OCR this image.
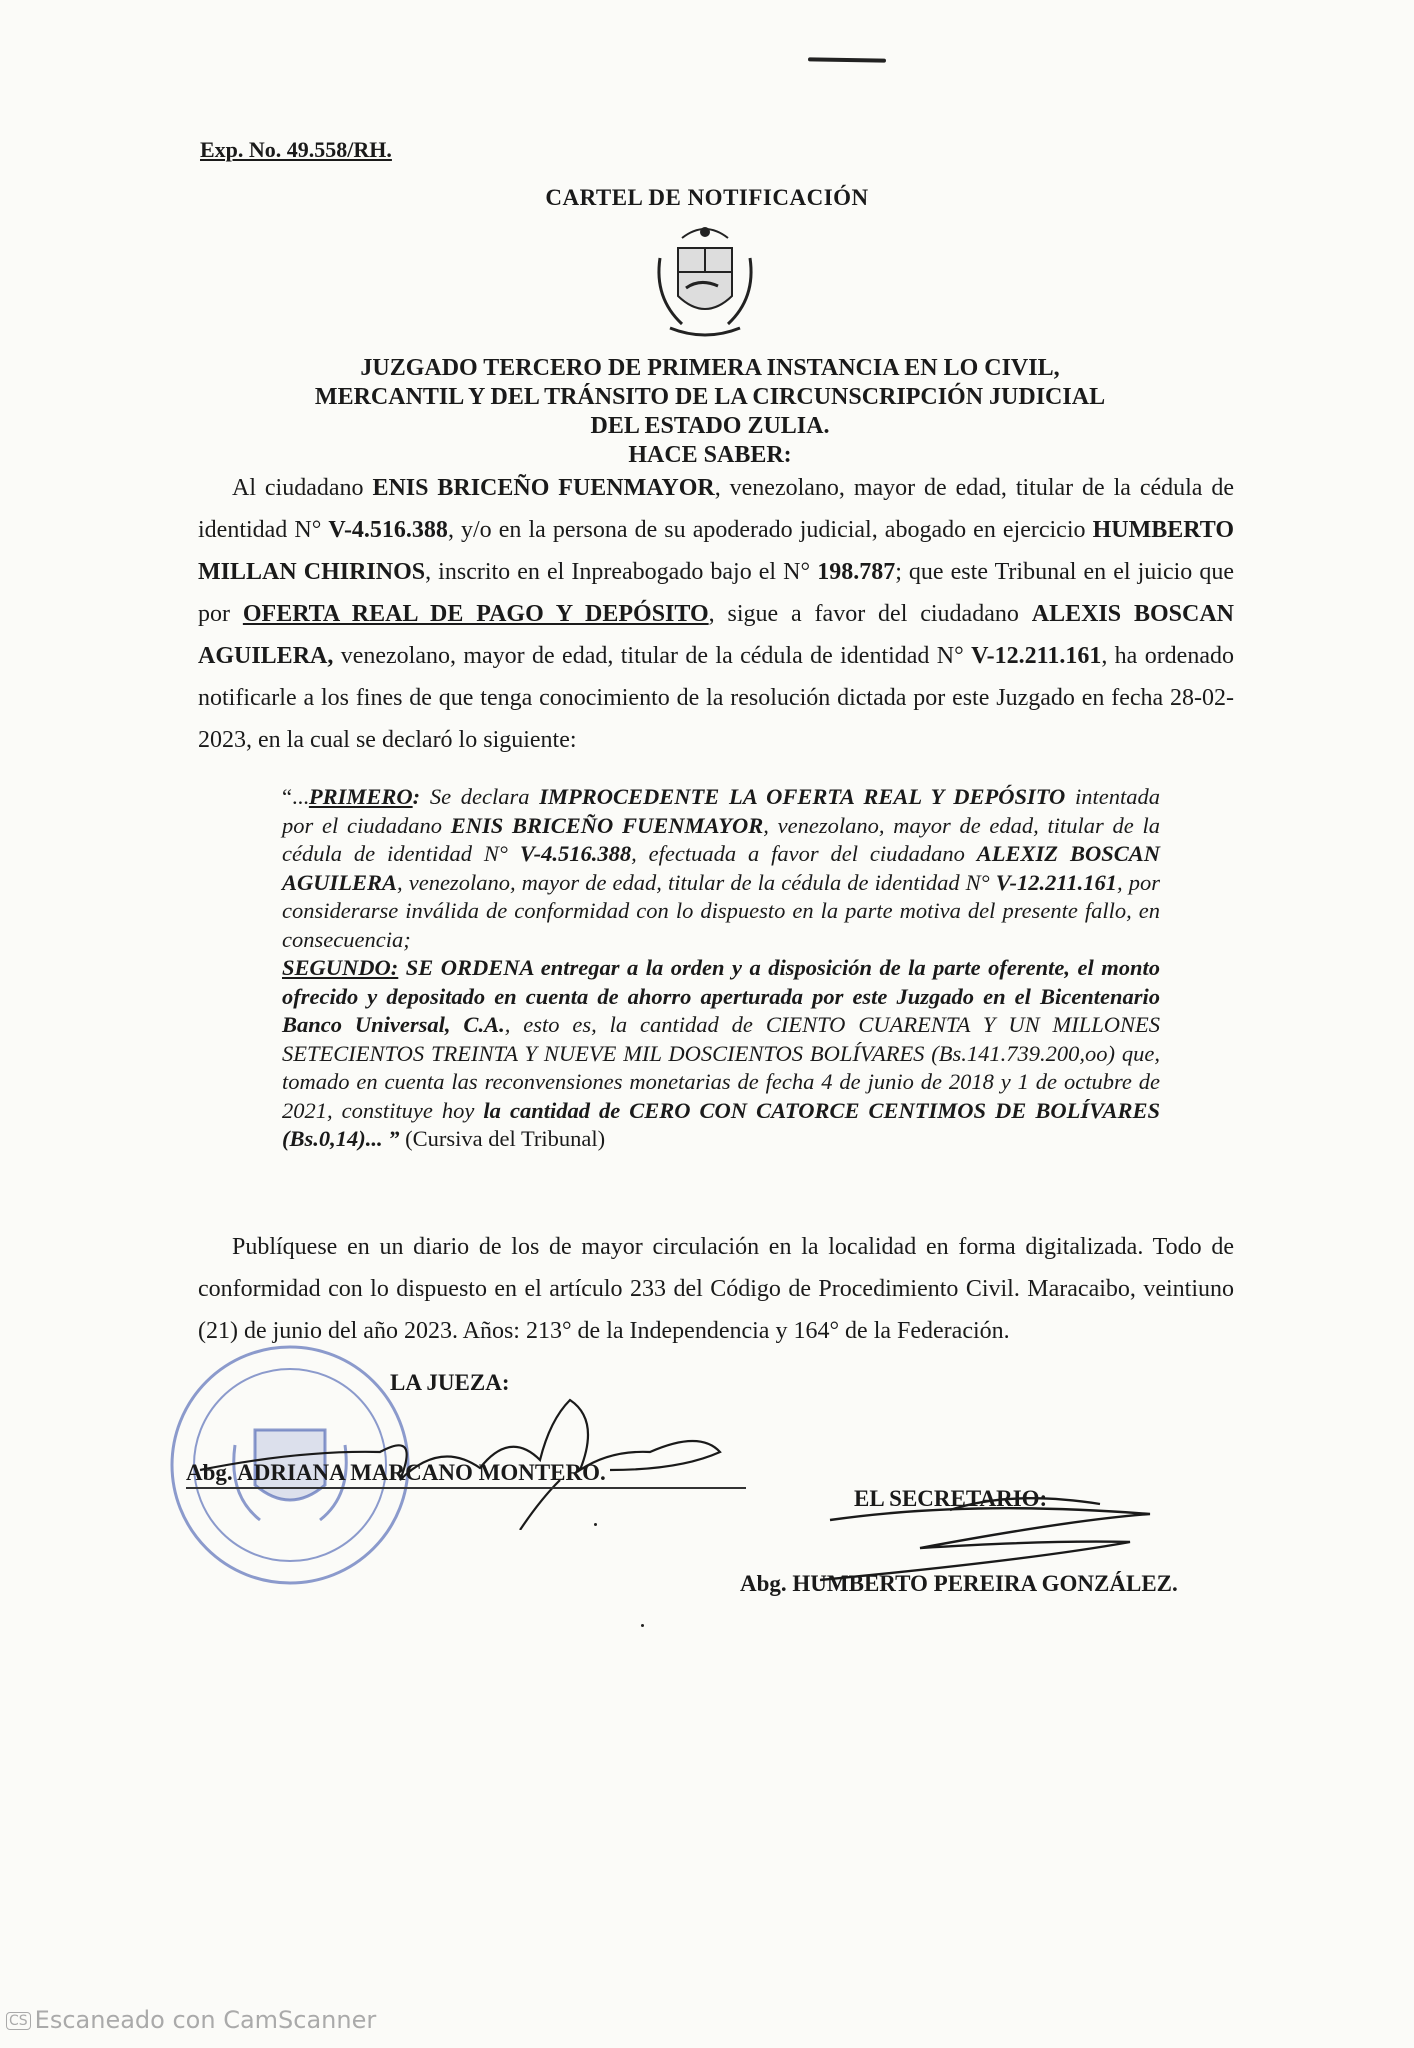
Exp. No. 49.558/RH.
CARTEL DE NOTIFICACIÓN
JUZGADO TERCERO DE PRIMERA INSTANCIA EN LO CIVIL,
MERCANTIL Y DEL TRÁNSITO DE LA CIRCUNSCRIPCIÓN JUDICIAL
DEL ESTADO ZULIA.
HACE SABER:

Al ciudadano ENIS BRICEÑO FUENMAYOR, venezolano, mayor de edad, titular de la cédula de identidad N° V-4.516.388, y/o en la persona de su apoderado judicial, abogado en ejercicio HUMBERTO MILLAN CHIRINOS, inscrito en el Inpreabogado bajo el N° 198.787; que este Tribunal en el juicio que por OFERTA REAL DE PAGO Y DEPÓSITO, sigue a favor del ciudadano ALEXIS BOSCAN AGUILERA, venezolano, mayor de edad, titular de la cédula de identidad N° V-12.211.161, ha ordenado notificarle a los fines de que tenga conocimiento de la resolución dictada por este Juzgado en fecha 28-02-2023, en la cual se declaró lo siguiente:

“...PRIMERO: Se declara IMPROCEDENTE LA OFERTA REAL Y DEPÓSITO intentada por el ciudadano ENIS BRICEÑO FUENMAYOR, venezolano, mayor de edad, titular de la cédula de identidad N° V-4.516.388, efectuada a favor del ciudadano ALEXIZ BOSCAN AGUILERA, venezolano, mayor de edad, titular de la cédula de identidad N° V-12.211.161, por considerarse inválida de conformidad con lo dispuesto en la parte motiva del presente fallo, en consecuencia;

SEGUNDO: SE ORDENA entregar a la orden y a disposición de la parte oferente, el monto ofrecido y depositado en cuenta de ahorro aperturada por este Juzgado en el Bicentenario Banco Universal, C.A., esto es, la cantidad de CIENTO CUARENTA Y UN MILLONES SETECIENTOS TREINTA Y NUEVE MIL DOSCIENTOS BOLÍVARES (Bs.141.739.200,oo) que, tomado en cuenta las reconvensiones monetarias de fecha 4 de junio de 2018 y 1 de octubre de 2021, constituye hoy la cantidad de CERO CON CATORCE CENTIMOS DE BOLÍVARES (Bs.0,14)... ” (Cursiva del Tribunal)

Publíquese en un diario de los de mayor circulación en la localidad en forma digitalizada. Todo de conformidad con lo dispuesto en el artículo 233 del Código de Procedimiento Civil. Maracaibo, veintiuno (21) de junio del año 2023. Años: 213° de la Independencia y 164° de la Federación.

LA JUEZA:
Abg. ADRIANA MARCANO MONTERO.
EL SECRETARIO:
Abg. HUMBERTO PEREIRA GONZÁLEZ.
CS Escaneado con CamScanner
